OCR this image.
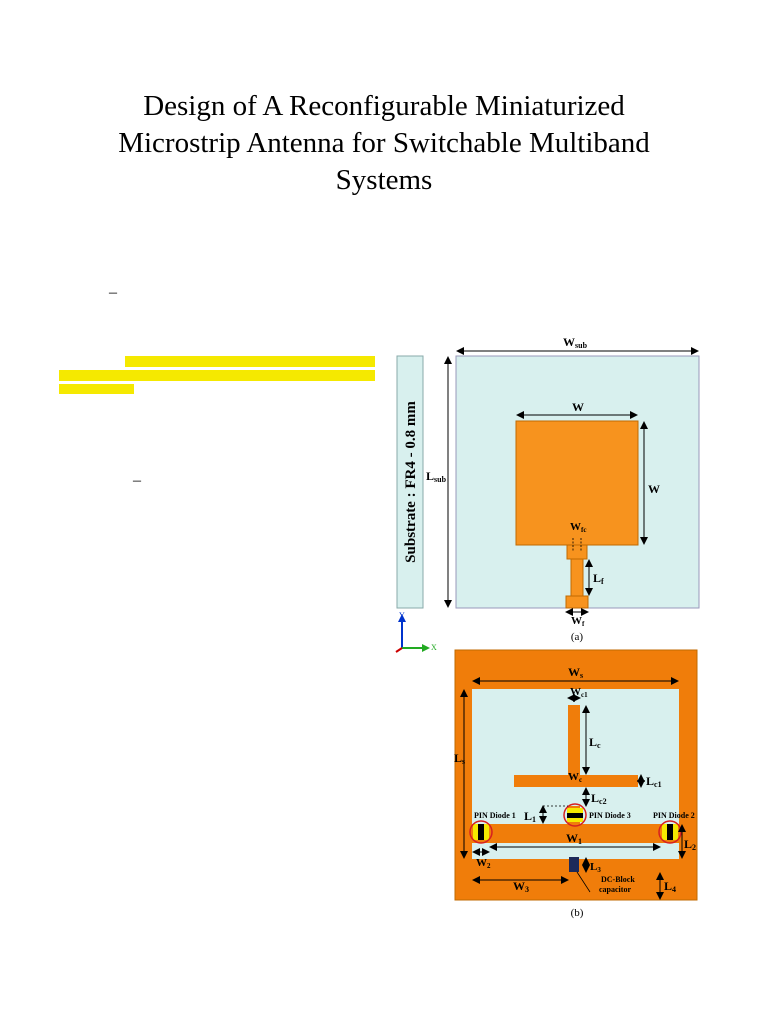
Design of A Reconfigurable Miniaturized
Microstrip Antenna for Switchable Multiband
Systems
–
–	Substrate : FR4 - 0.8 mm
Y
X
Wsub
Lsub
W
W
Wfc
Lf
Wf
(a)
Ws
Wc1
Lc
Ls
Wc	Lc1
Lc2
L1
PIN Diode 1	PIN Diode 2
PIN Diode 3
W1	L2
W2	L3
DC-Block
capacitor
W3	L4
(b)
